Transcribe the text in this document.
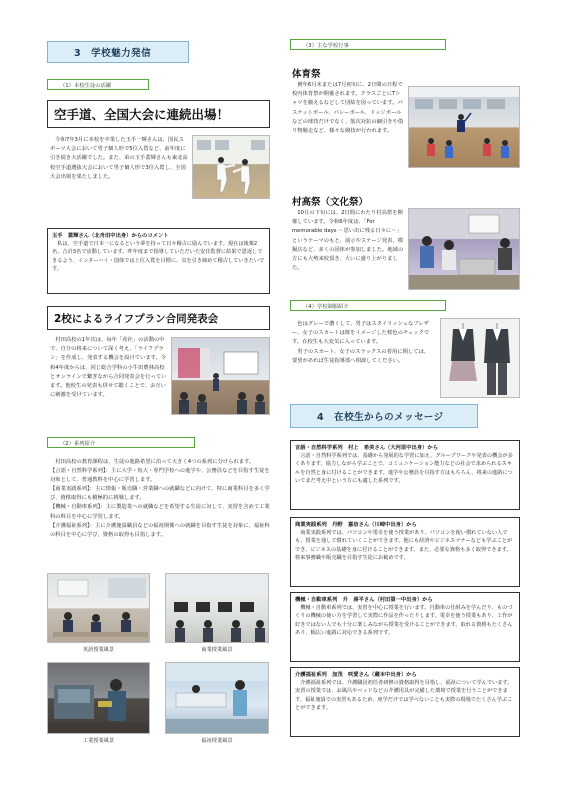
3　学校魅力発信
（1）本校生徒の活躍
空手道、全国大会に連続出場！
　令和7年3月に本校を卒業した玉手一輝さんは、国民スポーツ大会において男子個人形で5位入賞など、前年度に引き続き大活躍でした。また、弟の玉手蓋輝さんも東北高校空手道選抜大会において男子個人形で3位入賞し、全国大会出場を果たしました。
玉手　蓋輝さん（北舟田中出身）からのコメント
　私は、空手道で日本一になるという夢を持って日々稽古に励んでいます。現在は後輩2名、合計3名で活動しています。昨年度まで指導していただいた安住監督に結果で恩返しできるよう、インターハイ・国体では上位入賞を目標に、気を引き締めて稽古していきたいです。
2校によるライフプラン合同発表会
　村田高校の1年次は、毎年「産社」の活動の中で、自分の将来について深く考え、「ライフプラン」を作成し、発表する機会を設けています。令和4年度からは、同じ総合学科の小牛田農林高校とオンラインで繋ぎながら合同発表会を行っています。他校生の発表も併せて聴くことで、お互いに刺激を受けています。
（2）系列紹介
　村田高校の教育課程は、生徒の進路希望に沿って大きく4つの系列に分けられます。
【言語・自然科学系列】：主に大学・短大・専門学校への進学や、公務員などを目指す生徒を対象として、普通教科を中心に学習します。
【商業実践系列】：主に情報・販売職・営業職への就職などに向けて、特に商業科目を多く学び、資格取得にも積極的に挑戦します。
【機械・自動車系列】：主に製造業への就職などを希望する生徒に対して、実習を含めて工業科の科目を中心に学習します。
【介護福祉系列】：主に介護施設職員などの福祉関係への就職を目指す生徒を対象に、福祉科の科目を中心に学び、資格の取得も目指します。
英語授業風景	商業授業風景
工業授業風景	福祉授業風景
（3）主な学校行事
体育祭
　例年6月末または7月初旬に、2日間の日程で校内体育祭が開催されます。クラスごとにTシャツを揃えるなどして団結を図っています。バスケットボール、バレーボール、ドッジボールなどの球技だけでなく、筋次対抗の綱引きや借り物競走など、様々な競技が行われます。
村高祭（文化祭）
　10月の下旬には、2日間にわたり村高祭を開催しています。令和6年度は、「For memorable days ～思い出に残る日々に～」というテーマのもと、展示やステージ発表、模擬店など、多くの団体が参加しました。地域の方にも大勢来校頂き、大いに盛り上がりました。
（4）学校制服紹介
　色はグレーで濃くして、男子はスタイリッシュなブレザー、女子のスカートは桜をイメージした桜色のチェックです。在校生も大変気に入っています。
　男子のスカート、女子のスラックスの着用に関しては、要望があれば生徒指導部へ相談してください。
4　在校生からのメッセージ
言語・自然科学系列　村上　希美さん（大河原中出身）から
　言語・自然科学系列では、基礎から発展的な学習に加え、グループワークや発表の機会が多くあります。協力しながら学ぶことで、コミュニケーション能力などの社会で求められるスキルを自然と身に付けることができます。進学や公務員を目指す方はもちろん、将来の進路についてまだ考え中という方にも適した系列です。
商業実践系列　丹野　嘉信さん（川崎中出身）から
　商業実践系列では、パソコンや電卓を使う授業があり、パソコンを使い慣れていない人でも、授業を通して慣れていくことができます。他にも経済やビジネスマナーなども学ぶことができ、ビジネスの基礎を身に付けることができます。また、必要な資格も多く取得できます。将来事務職や販売職を目指す生徒にお勧めです。
機械・自動車系列　升　湊平さん（村田第一中出身）から
　機械・自動車系列では、実習を中心に授業を行います。自動車の仕組みを学んだり、ものづくりの機械の使い方を学習して実際に作品を作ったりします。電卓を使う授業もあり、工作が好きではない人でも十分に楽しみながら授業を受けることができます。取れる資格もたくさんあり、幅広い進路に対応できる系列です。
介護福祉系列　加茂　咲愛さん（蔵本中出身）から
　介護福祉系列では、介護職員初任者研修の資格取得を目指し、福祉について学んでいます。実習の授業では、お風呂やベッドなどの介護用具が完備した環境で授業を行うことができます。福祉施設での実習もあるため、座学だけでは学べないことも実際の現場でたくさん学ぶことができます。
